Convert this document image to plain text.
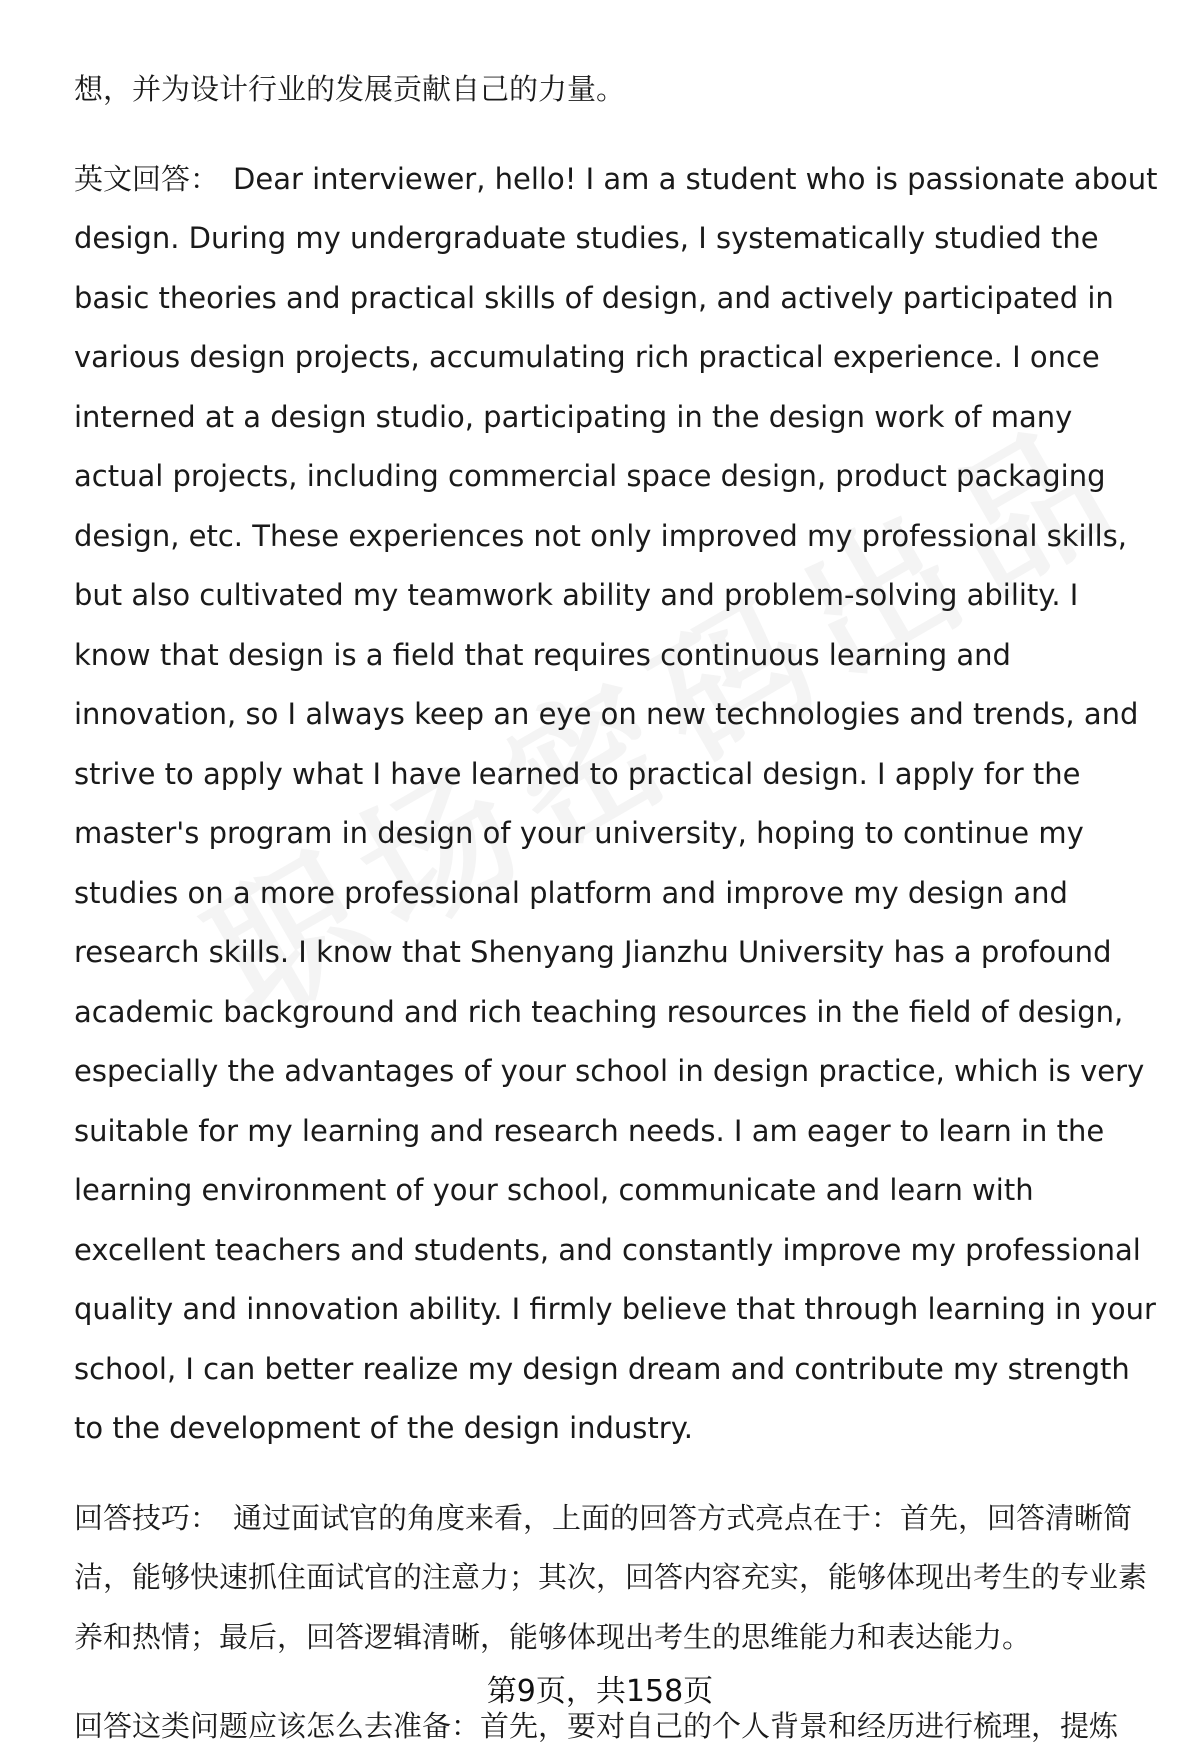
想，并为设计行业的发展贡献自己的力量。

英文回答： Dear interviewer, hello! I am a student who is passionate about design. During my undergraduate studies, I systematically studied the basic theories and practical skills of design, and actively participated in various design projects, accumulating rich practical experience. I once interned at a design studio, participating in the design work of many actual projects, including commercial space design, product packaging design, etc. These experiences not only improved my professional skills, but also cultivated my teamwork ability and problem-solving ability. I know that design is a field that requires continuous learning and innovation, so I always keep an eye on new technologies and trends, and strive to apply what I have learned to practical design. I apply for the master's program in design of your university, hoping to continue my studies on a more professional platform and improve my design and research skills. I know that Shenyang Jianzhu University has a profound academic background and rich teaching resources in the field of design, especially the advantages of your school in design practice, which is very suitable for my learning and research needs. I am eager to learn in the learning environment of your school, communicate and learn with excellent teachers and students, and constantly improve my professional quality and innovation ability. I firmly believe that through learning in your school, I can better realize my design dream and contribute my strength to the development of the design industry.

回答技巧： 通过面试官的角度来看，上面的回答方式亮点在于：首先，回答清晰简洁，能够快速抓住面试官的注意力；其次，回答内容充实，能够体现出考生的专业素养和热情；最后，回答逻辑清晰，能够体现出考生的思维能力和表达能力。

回答这类问题应该怎么去准备：首先，要对自己的个人背景和经历进行梳理，提炼

第9页，共158页
